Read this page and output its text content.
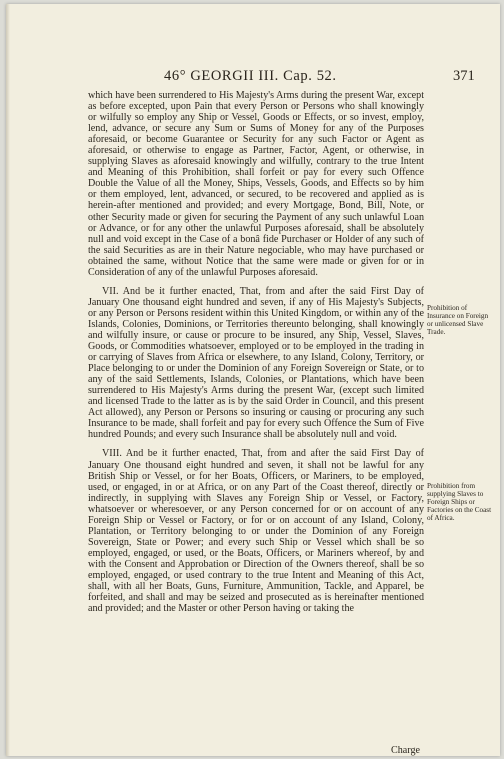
46° GEORGII III. Cap. 52.	371

which have been surrendered to His Majesty's Arms during the present War, except as before excepted, upon Pain that every Person or Persons who shall knowingly or wilfully so employ any Ship or Vessel, Goods or Effects, or so invest, employ, lend, advance, or secure any Sum or Sums of Money for any of the Purposes aforesaid, or become Guarantee or Security for any such Factor or Agent as aforesaid, or otherwise to engage as Partner, Factor, Agent, or otherwise, in supplying Slaves as aforesaid knowingly and wilfully, contrary to the true Intent and Meaning of this Prohibition, shall forfeit or pay for every such Offence Double the Value of all the Money, Ships, Vessels, Goods, and Effects so by him or them employed, lent, advanced, or secured, to be recovered and applied as is herein-after mentioned and provided; and every Mortgage, Bond, Bill, Note, or other Security made or given for securing the Payment of any such unlawful Loan or Advance, or for any other the unlawful Purposes aforesaid, shall be absolutely null and void except in the Case of a bonâ fide Purchaser or Holder of any such of the said Securities as are in their Nature negociable, who may have purchased or obtained the same, without Notice that the same were made or given for or in Consideration of any of the unlawful Purposes aforesaid.

VII. And be it further enacted, That, from and after the said First Day of January One thousand eight hundred and seven, if any of His Majesty's Subjects, or any Person or Persons resident within this United Kingdom, or within any of the Islands, Colonies, Dominions, or Territories thereunto belonging, shall knowingly and wilfully insure, or cause or procure to be insured, any Ship, Vessel, Slaves, Goods, or Commodities whatsoever, employed or to be employed in the trading in or carrying of Slaves from Africa or elsewhere, to any Island, Colony, Territory, or Place belonging to or under the Dominion of any Foreign Sovereign or State, or to any of the said Settlements, Islands, Colonies, or Plantations, which have been surrendered to His Majesty's Arms during the present War, (except such limited and licensed Trade to the latter as is by the said Order in Council, and this present Act allowed), any Person or Persons so insuring or causing or procuring any such Insurance to be made, shall forfeit and pay for every such Offence the Sum of Five hundred Pounds; and every such Insurance shall be absolutely null and void.

VIII. And be it further enacted, That, from and after the said First Day of January One thousand eight hundred and seven, it shall not be lawful for any British Ship or Vessel, or for her Boats, Officers, or Mariners, to be employed, used, or engaged, in or at Africa, or on any Part of the Coast thereof, directly or indirectly, in supplying with Slaves any Foreign Ship or Vessel, or Factory, whatsoever or wheresoever, or any Person concerned for or on account of any Foreign Ship or Vessel or Factory, or for or on account of any Island, Colony, Plantation, or Territory belonging to or under the Dominion of any Foreign Sovereign, State or Power; and every such Ship or Vessel which shall be so employed, engaged, or used, or the Boats, Officers, or Mariners whereof, by and with the Consent and Approbation or Direction of the Owners thereof, shall be so employed, engaged, or used contrary to the true Intent and Meaning of this Act, shall, with all her Boats, Guns, Furniture, Ammunition, Tackle, and Apparel, be forfeited, and shall and may be seized and prosecuted as is hereinafter mentioned and provided; and the Master or other Person having or taking the

Prohibition of Insurance on Foreign or unlicensed Slave Trade.
Prohibition from supplying Slaves to Foreign Ships or Factories on the Coast of Africa.
Charge
